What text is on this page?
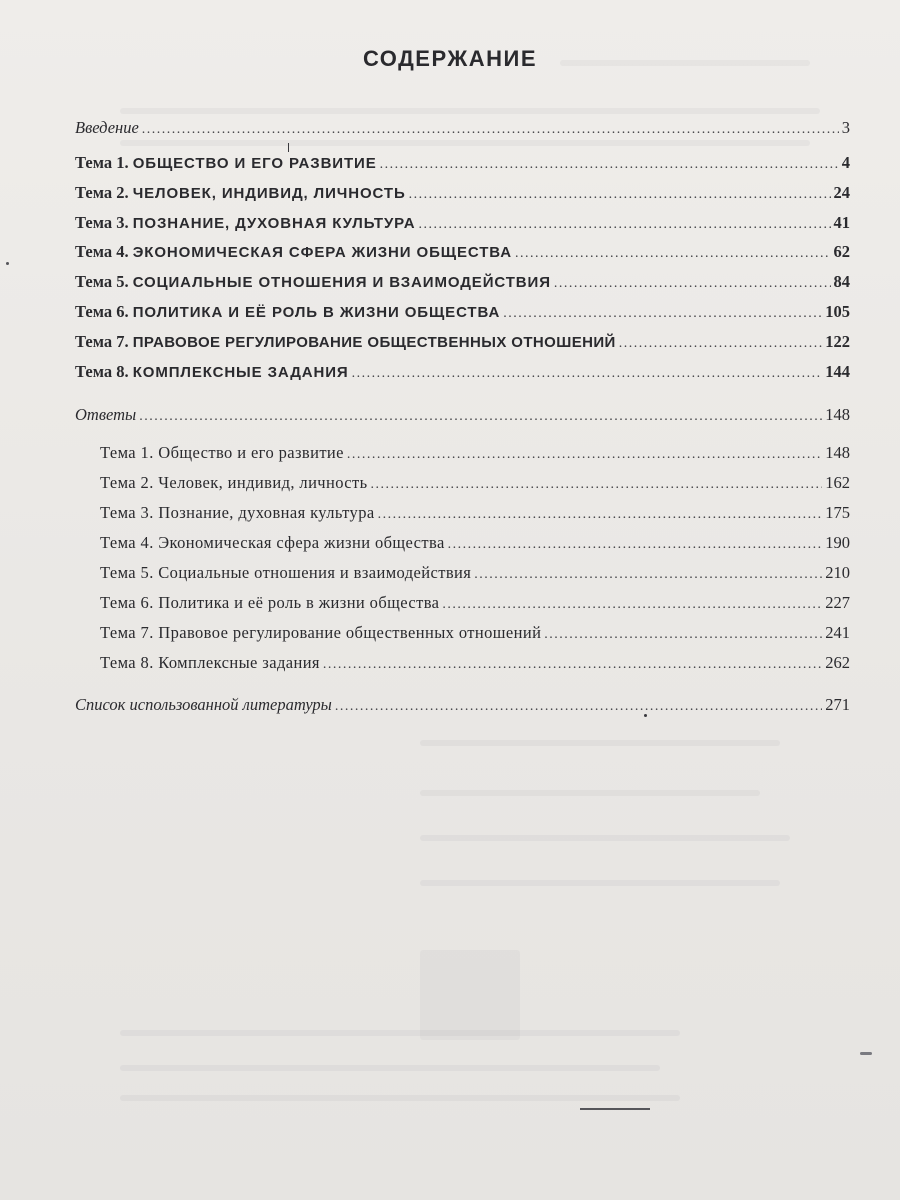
СОДЕРЖАНИЕ
Введение .....	3
Тема 1. ОБЩЕСТВО И ЕГО РАЗВИТИЕ .....	4
Тема 2. ЧЕЛОВЕК, ИНДИВИД, ЛИЧНОСТЬ .....	24
Тема 3. ПОЗНАНИЕ, ДУХОВНАЯ КУЛЬТУРА .....	41
Тема 4. ЭКОНОМИЧЕСКАЯ СФЕРА ЖИЗНИ ОБЩЕСТВА .....	62
Тема 5. СОЦИАЛЬНЫЕ ОТНОШЕНИЯ И ВЗАИМОДЕЙСТВИЯ .....	84
Тема 6. ПОЛИТИКА И ЕЁ РОЛЬ В ЖИЗНИ ОБЩЕСТВА .....	105
Тема 7. ПРАВОВОЕ РЕГУЛИРОВАНИЕ ОБЩЕСТВЕННЫХ ОТНОШЕНИЙ .....	122
Тема 8. КОМПЛЕКСНЫЕ ЗАДАНИЯ .....	144
Ответы .....	148
Тема 1. Общество и его развитие .....	148
Тема 2. Человек, индивид, личность .....	162
Тема 3. Познание, духовная культура .....	175
Тема 4. Экономическая сфера жизни общества .....	190
Тема 5. Социальные отношения и взаимодействия .....	210
Тема 6. Политика и её роль в жизни общества .....	227
Тема 7. Правовое регулирование общественных отношений .....	241
Тема 8. Комплексные задания .....	262
Список использованной литературы .....	271
